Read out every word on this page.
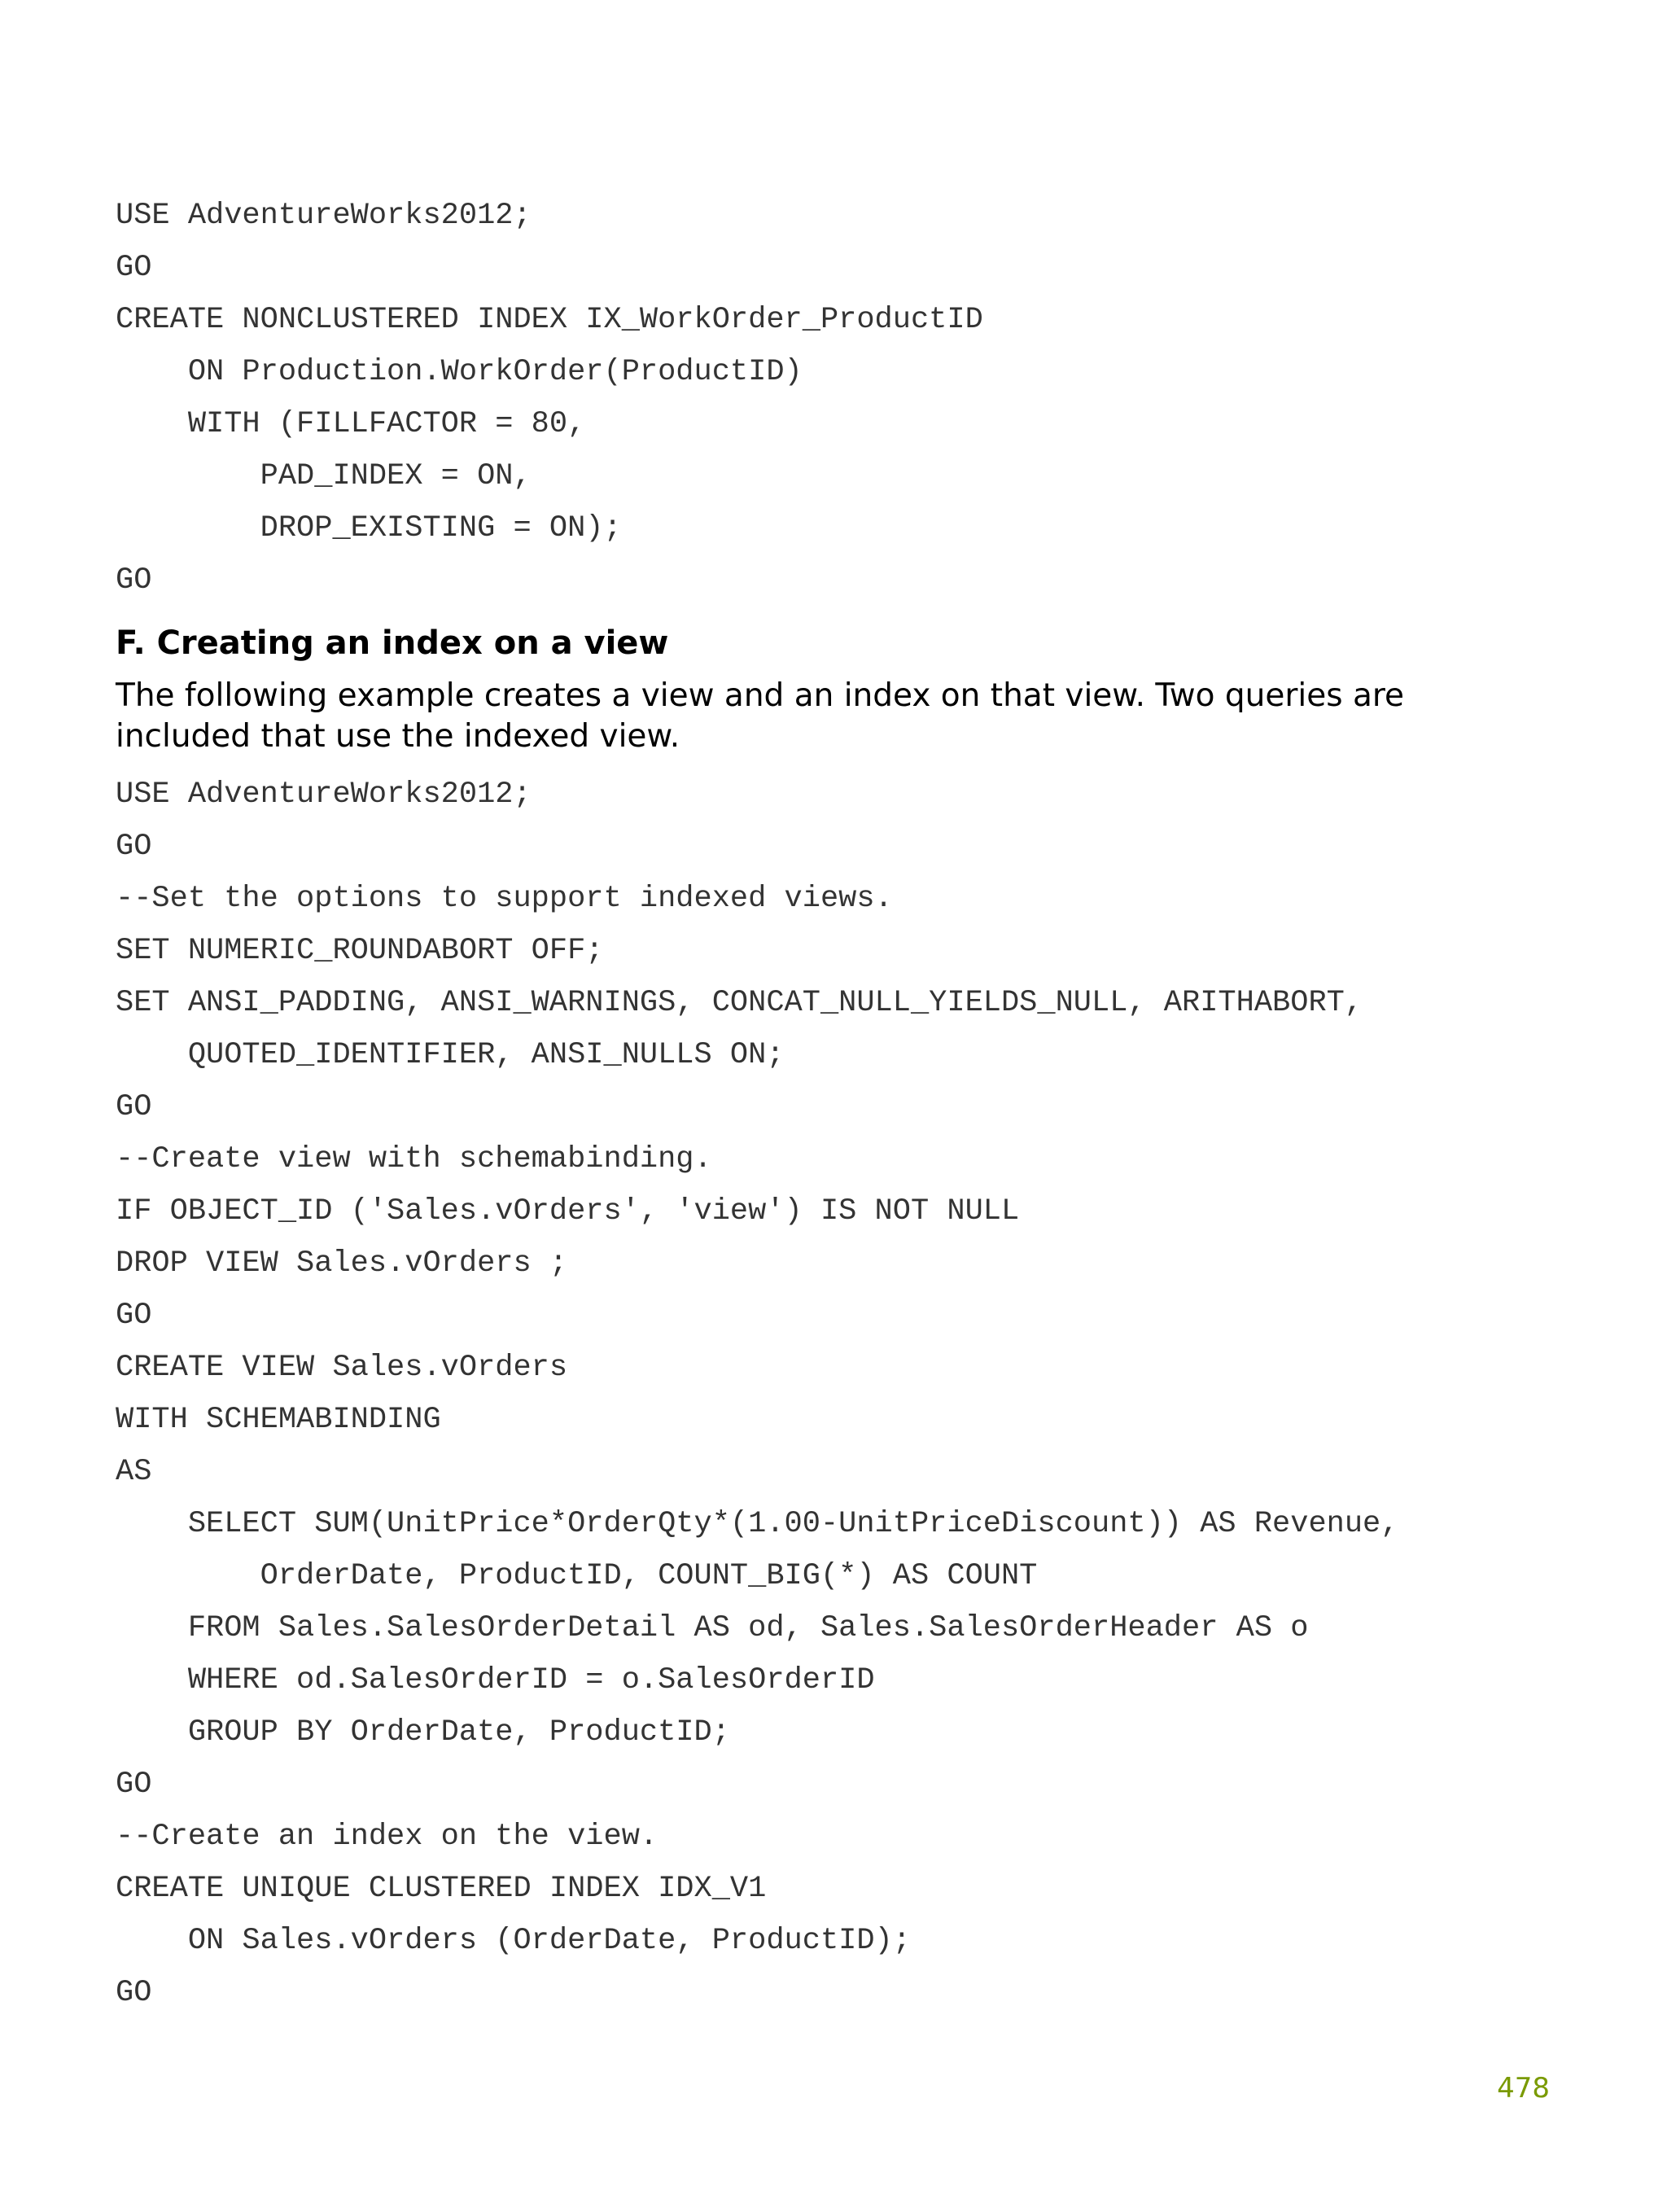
USE AdventureWorks2012;
GO
CREATE NONCLUSTERED INDEX IX_WorkOrder_ProductID
ON Production.WorkOrder(ProductID)
WITH (FILLFACTOR = 80,
PAD_INDEX = ON,
DROP_EXISTING = ON);
GO
F. Creating an index on a view

The following example creates a view and an index on that view. Two queries are included that use the indexed view.

USE AdventureWorks2012;
GO
--Set the options to support indexed views.
SET NUMERIC_ROUNDABORT OFF;
SET ANSI_PADDING, ANSI_WARNINGS, CONCAT_NULL_YIELDS_NULL, ARITHABORT,
QUOTED_IDENTIFIER, ANSI_NULLS ON;
GO
--Create view with schemabinding.
IF OBJECT_ID ('Sales.vOrders', 'view') IS NOT NULL
DROP VIEW Sales.vOrders ;
GO
CREATE VIEW Sales.vOrders
WITH SCHEMABINDING
AS
SELECT SUM(UnitPrice*OrderQty*(1.00-UnitPriceDiscount)) AS Revenue,
OrderDate, ProductID, COUNT_BIG(*) AS COUNT
FROM Sales.SalesOrderDetail AS od, Sales.SalesOrderHeader AS o
WHERE od.SalesOrderID = o.SalesOrderID
GROUP BY OrderDate, ProductID;
GO
--Create an index on the view.
CREATE UNIQUE CLUSTERED INDEX IDX_V1
ON Sales.vOrders (OrderDate, ProductID);
GO
478
